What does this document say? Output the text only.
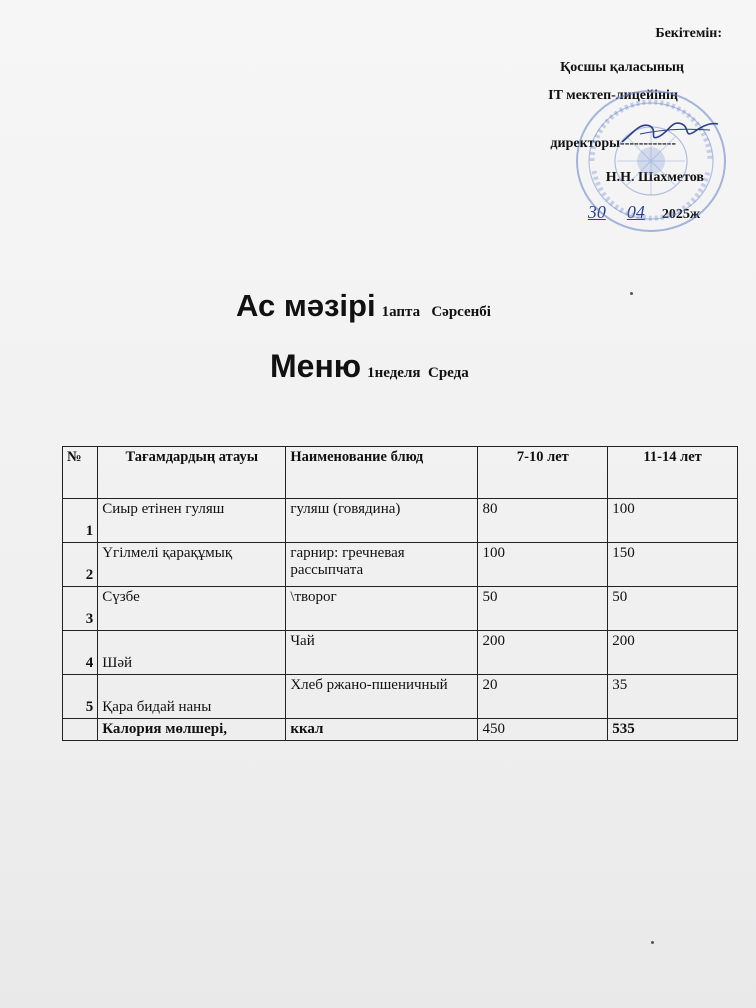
Бекітемін:
Қосшы қаласының
IT мектеп-лицейінің
директоры------------
Н.Н. Шахметов
30 04 2025ж
Ас мәзірі 1апта   Сәрсенбі
Меню 1неделя  Среда
№	Тағамдардың атауы	Наименование блюд	7-10 лет	11-14 лет
1	Сиыр етінен гуляш	гуляш (говядина)	80	100
2	Үгілмелі қарақұмық	гарнир: гречневая рассыпчата	100	150
3	Сүзбе	\творог	50	50
4	Шәй	Чай	200	200
5	Қара бидай наны	Хлеб ржано-пшеничный	20	35
	Калория мөлшері,	ккал	450	535
